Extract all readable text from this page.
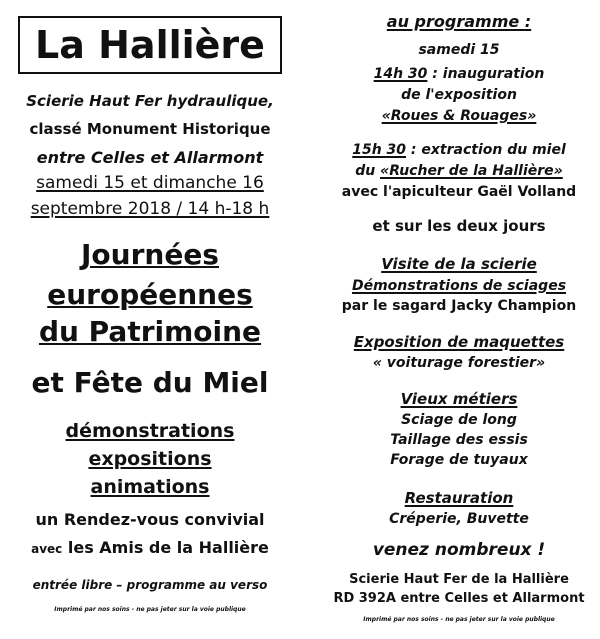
La Hallière
Scierie Haut Fer hydraulique,
classé Monument Historique
entre Celles et Allarmont
samedi 15 et dimanche 16
septembre 2018 / 14 h-18 h
Journées
européennes
du Patrimoine
et Fête du Miel
démonstrations
expositions
animations
un Rendez-vous convivial
avec les Amis de la Hallière
entrée libre – programme au verso
Imprimé par nos soins - ne pas jeter sur la voie publique
au programme :
samedi 15
14h 30 : inauguration
de l'exposition
«Roues & Rouages»
15h 30 : extraction du miel
du «Rucher de la Hallière»
avec l'apiculteur Gaël Volland
et sur les deux jours
Visite de la scierie
Démonstrations de sciages
par le sagard Jacky Champion
Exposition de maquettes
« voiturage forestier»
Vieux métiers
Sciage de long
Taillage des essis
Forage de tuyaux
Restauration
Créperie, Buvette
venez nombreux !
Scierie Haut Fer de la Hallière
RD 392A entre Celles et Allarmont
Imprimé par nos soins - ne pas jeter sur la voie publique
